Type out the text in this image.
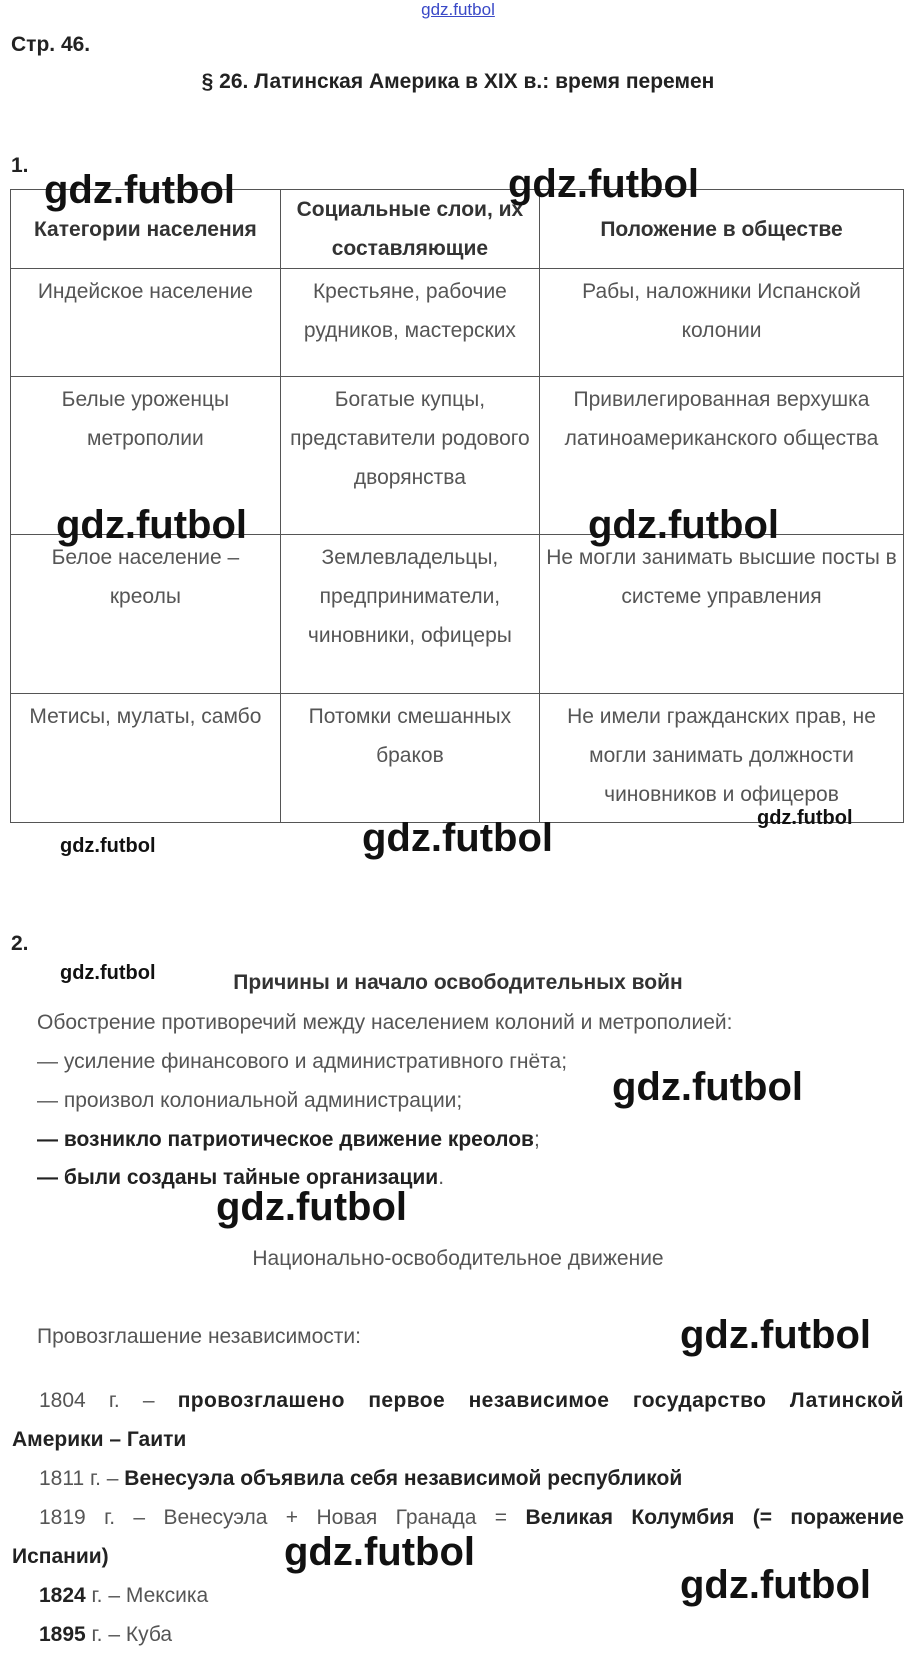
gdz.futbol
Стр. 46.
§ 26. Латинская Америка в XIX в.: время перемен
1.
Категории населения	Социальные слои, их составляющие	Положение в обществе
Индейское население	Крестьяне, рабочие рудников, мастерских	Рабы, наложники Испанской колонии
Белые уроженцы метрополии	Богатые купцы, представители родового дворянства	Привилегированная верхушка латиноамериканского общества
Белое население – креолы	Землевладельцы, предприниматели, чиновники, офицеры	Не могли занимать высшие посты в системе управления
Метисы, мулаты, самбо	Потомки смешанных браков	Не имели гражданских прав, не могли занимать должности чиновников и офицеров
gdz.futbol	gdz.futbol
gdz.futbol	gdz.futbol
gdz.futbol
gdz.futbol	gdz.futbol
2.
gdz.futbol	Причины и начало освободительных войн
Обострение противоречий между населением колоний и метрополией:
— усиление финансового и административного гнёта;
— произвол колониальной администрации;
— возникло патриотическое движение креолов;
— были созданы тайные организации.
gdz.futbol
gdz.futbol
Национально-освободительное движение
Провозглашение независимости:	gdz.futbol
1804 г. – провозглашено первое независимое государство Латинской
Америки – Гаити
1811 г. – Венесуэла объявила себя независимой республикой
1819 г. – Венесуэла + Новая Гранада = Великая Колумбия (= поражение
Испании)	gdz.futbol
gdz.futbol
1824 г. – Мексика
1895 г. – Куба
